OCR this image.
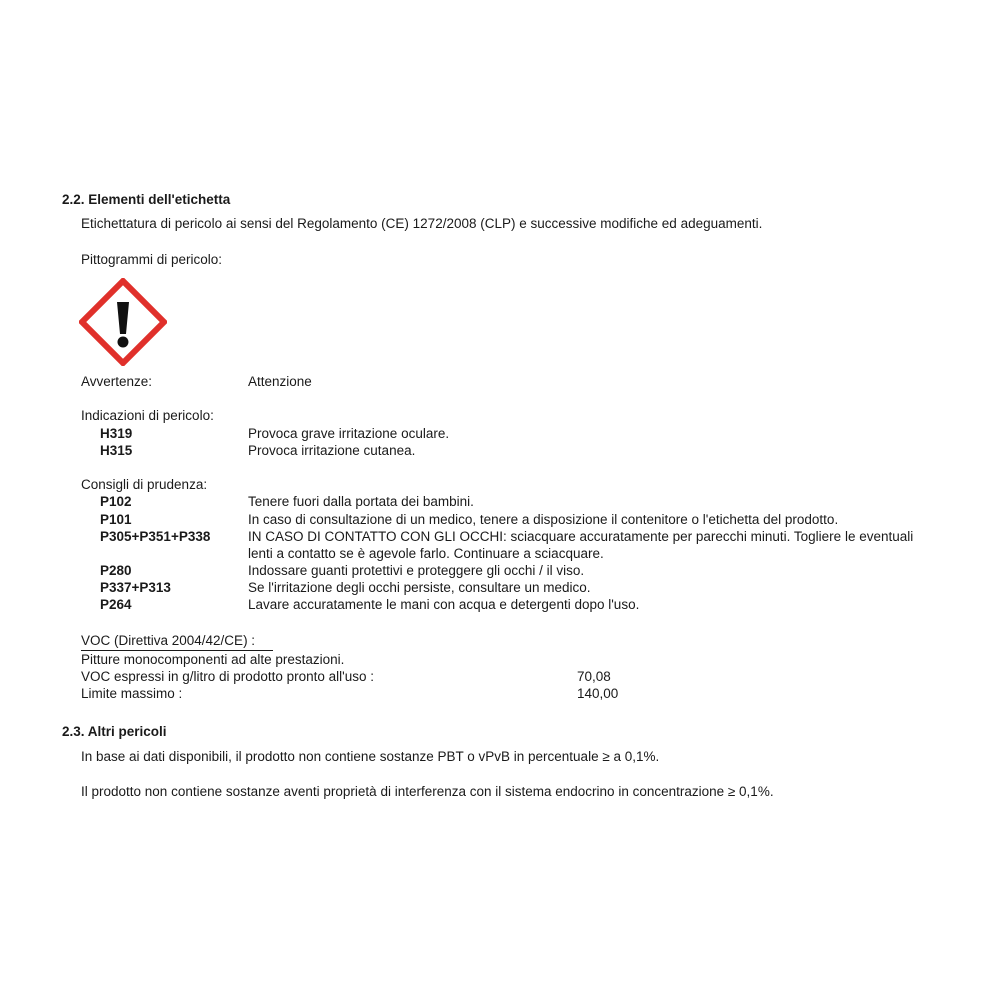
2.2. Elementi dell'etichetta
Etichettatura di pericolo ai sensi del Regolamento (CE) 1272/2008 (CLP) e successive modifiche ed adeguamenti.
Pittogrammi di pericolo:
Avvertenze:	Attenzione
Indicazioni di pericolo:
H319	Provoca grave irritazione oculare.
H315	Provoca irritazione cutanea.
Consigli di prudenza:
P102	Tenere fuori dalla portata dei bambini.
P101	In caso di consultazione di un medico, tenere a disposizione il contenitore o l'etichetta del prodotto.
P305+P351+P338	IN CASO DI CONTATTO CON GLI OCCHI: sciacquare accuratamente per parecchi minuti. Togliere le eventuali
lenti a contatto se è agevole farlo. Continuare a sciacquare.
P280	Indossare guanti protettivi e proteggere gli occhi / il viso.
P337+P313	Se l'irritazione degli occhi persiste, consultare un medico.
P264	Lavare accuratamente le mani con acqua e detergenti dopo l'uso.
VOC (Direttiva 2004/42/CE) :
Pitture monocomponenti ad alte prestazioni.
VOC espressi in g/litro di prodotto pronto all'uso :	70,08
Limite massimo :	140,00
2.3. Altri pericoli
In base ai dati disponibili, il prodotto non contiene sostanze PBT o vPvB in percentuale ≥ a 0,1%.
Il prodotto non contiene sostanze aventi proprietà di interferenza con il sistema endocrino in concentrazione ≥ 0,1%.
